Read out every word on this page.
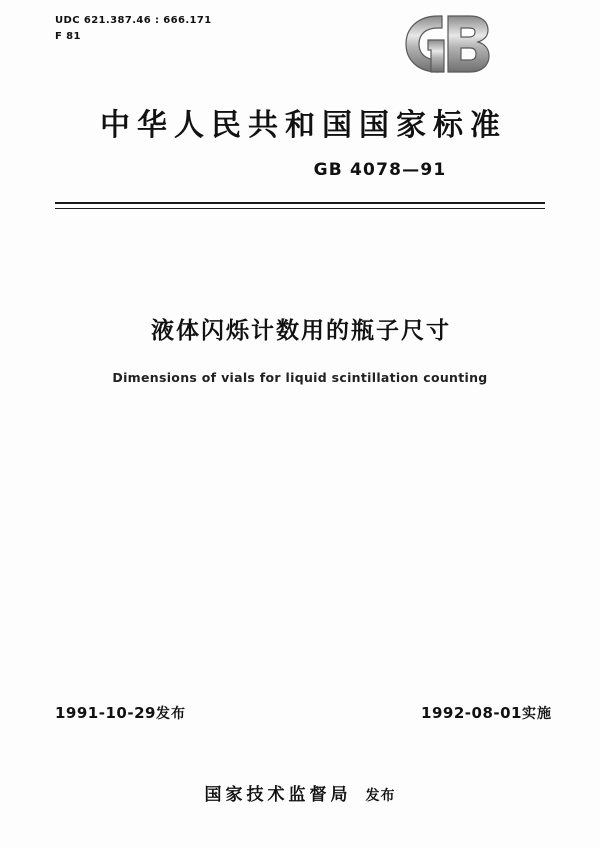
UDC 621.387.46 : 666.171
F 81
中华人民共和国国家标准
GB 4078—91
液体闪烁计数用的瓶子尺寸
Dimensions of vials for liquid scintillation counting
1991-10-29发布	1992-08-01实施
国家技术监督局 发布
